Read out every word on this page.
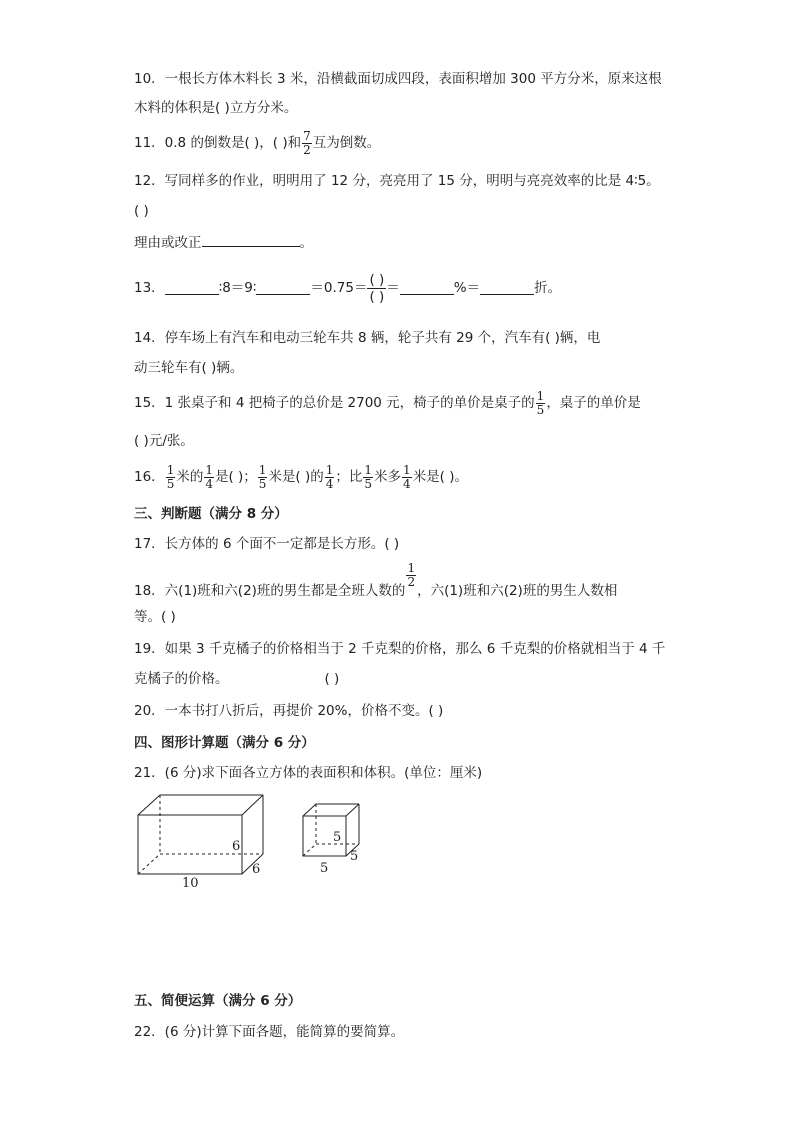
10．一根长方体木料长 3 米，沿横截面切成四段，表面积增加 300 平方分米，原来这根
木料的体积是( )立方分米。
11．0.8 的倒数是( )，( )和 $\frac{7}{2}$ 互为倒数。
12．写同样多的作业，明明用了 12 分，亮亮用了 15 分，明明与亮亮效率的比是 4∶5。
( )
理由或改正	。
13．	∶8＝9∶	＝0.75＝
( )
( )
＝	%＝	折。
14．停车场上有汽车和电动三轮车共 8 辆，轮子共有 29 个，汽车有( )辆，电
动三轮车有( )辆。
15．1 张桌子和 4 把椅子的总价是 2700 元，椅子的单价是桌子的 $\frac{1}{5}$ ，桌子的单价是
( )元/张。
16． $\frac{1}{5}$ 米的 $\frac{1}{4}$ 是( )； $\frac{1}{5}$ 米是( )的 $\frac{1}{4}$ ；比 $\frac{1}{5}$ 米多 $\frac{1}{4}$ 米是( )。
三、判断题（满分 8 分）
17．长方体的 6 个面不一定都是长方形。( )
18．六(1)班和六(2)班的男生都是全班人数的
$\frac{1}{2}$
，六(1)班和六(2)班的男生人数相
等。( )
19．如果 3 千克橘子的价格相当于 2 千克梨的价格，那么 6 千克梨的价格就相当于 4 千
克橘子的价格。	( )
20．一本书打八折后，再提价 20%，价格不变。( )
四、图形计算题（满分 6 分）
21．(6 分)求下面各立方体的表面积和体积。(单位：厘米)
10
6
6
5
5
5
五、简便运算（满分 6 分）
22．(6 分)计算下面各题，能简算的要简算。
